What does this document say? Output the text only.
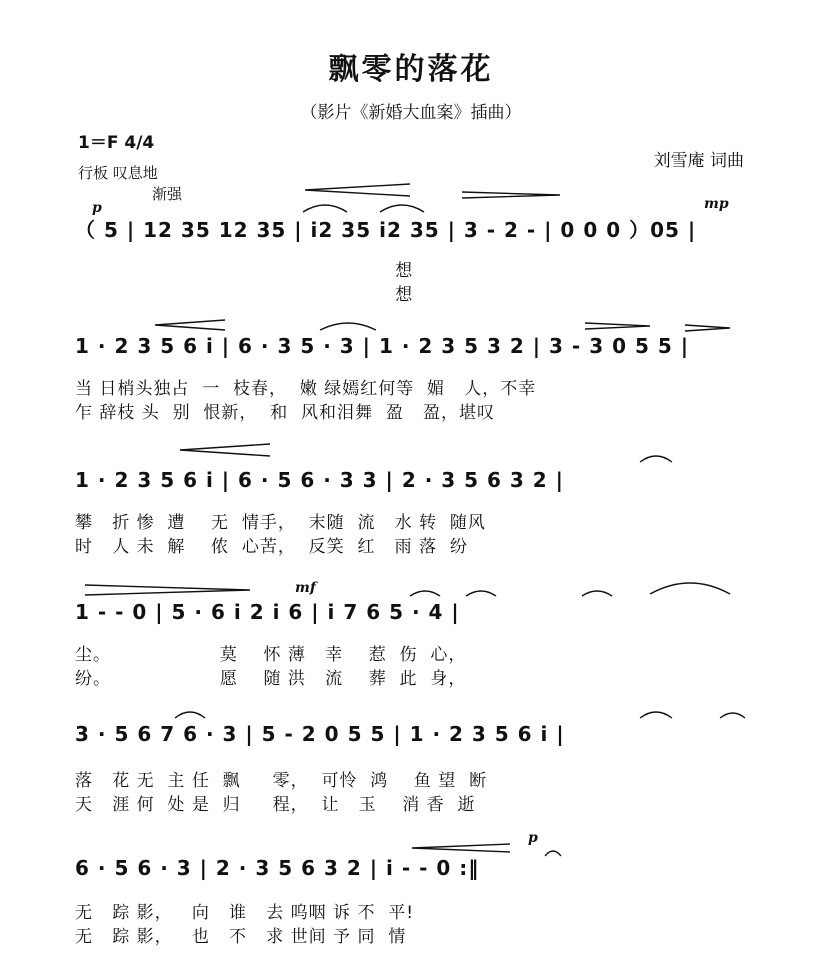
飘零的落花
（影片《新婚大血案》插曲）
1＝F 4/4
行板 叹息地
刘雪庵 词曲
p
渐强
mp
mf
p
（ 5 | 12 35 12 35 | i2 35 i2 35 | 3 - 2 - | 0 0 0 ）05 |
想
想
1 · 2 3 5 6 i | 6 · 3 5 · 3 | 1 · 2 3 5 3 2 | 3 - 3 0 5 5 |
当 日梢头独占  一  枝春，  嫩 绿嫣红何等  媚   人，不幸
乍 辞枝 头  别  恨新，  和  风和泪舞  盈   盈，堪叹
1 · 2 3 5 6 i | 6 · 5 6 · 3 3 | 2 · 3 5 6 3 2 |
攀   折 惨  遭    无  情手，  末随  流   水 转  随风
时   人 未  解    侬  心苦，  反笑  红   雨 落  纷
1 - - 0 | 5 · 6 i 2 i 6 | i 7 6 5 · 4 |
尘。                 莫    怀 薄   幸    惹  伤  心，
纷。                 愿    随 洪   流    葬  此  身，
3 · 5 6 7 6 · 3 | 5 - 2 0 5 5 | 1 · 2 3 5 6 i |
落   花 无  主 任  飘     零，  可怜  鸿    鱼 望  断
天   涯 何  处 是  归     程，  让   玉    消 香  逝
6 · 5 6 · 3 | 2 · 3 5 6 3 2 | i - - 0 :‖
无   踪 影，   向   谁   去 呜咽 诉 不  平!
无   踪 影，   也   不   求 世间 予 同  情
